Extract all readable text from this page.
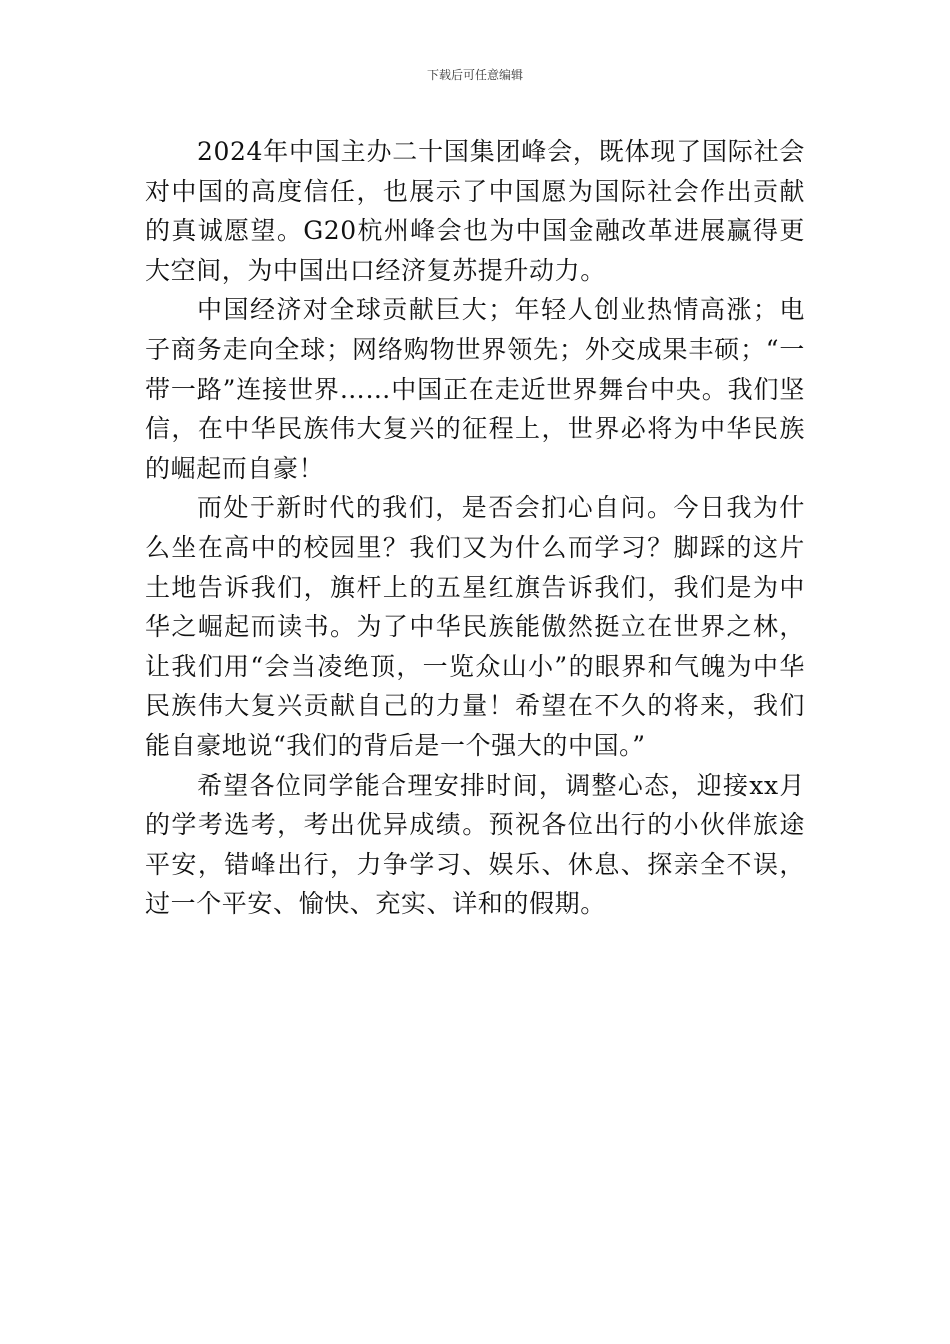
下载后可任意编辑

2024年中国主办二十国集团峰会，既体现了国际社会对中国的高度信任，也展示了中国愿为国际社会作出贡献的真诚愿望。G20杭州峰会也为中国金融改革进展赢得更大空间，为中国出口经济复苏提升动力。

中国经济对全球贡献巨大；年轻人创业热情高涨；电子商务走向全球；网络购物世界领先；外交成果丰硕；“一带一路”连接世界……中国正在走近世界舞台中央。我们坚信，在中华民族伟大复兴的征程上，世界必将为中华民族的崛起而自豪！

而处于新时代的我们，是否会扪心自问。今日我为什么坐在高中的校园里？我们又为什么而学习？脚踩的这片土地告诉我们，旗杆上的五星红旗告诉我们，我们是为中华之崛起而读书。为了中华民族能傲然挺立在世界之林，让我们用“会当凌绝顶，一览众山小”的眼界和气魄为中华民族伟大复兴贡献自己的力量！希望在不久的将来，我们能自豪地说“我们的背后是一个强大的中国。”

希望各位同学能合理安排时间，调整心态，迎接xx月的学考选考，考出优异成绩。预祝各位出行的小伙伴旅途平安，错峰出行，力争学习、娱乐、休息、探亲全不误，过一个平安、愉快、充实、详和的假期。
